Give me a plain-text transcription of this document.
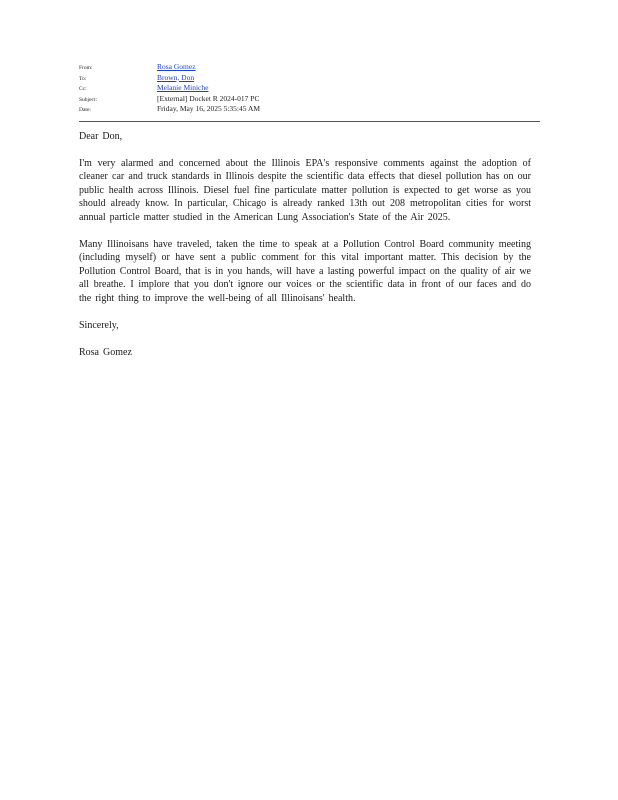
From:	Rosa Gomez
To:	Brown, Don
Cc:	Melanie Miniche
Subject:	[External] Docket R 2024-017 PC
Date:	Friday, May 16, 2025 5:35:45 AM

Dear Don,

I'm very alarmed and concerned about the Illinois EPA's responsive comments against the adoption of cleaner car and truck standards in Illinois despite the scientific data effects that diesel pollution has on our public health across Illinois. Diesel fuel fine particulate matter pollution is expected to get worse as you should already know. In particular, Chicago is already ranked 13th out 208 metropolitan cities for worst annual particle matter studied in the American Lung Association's State of the Air 2025.

Many Illinoisans have traveled, taken the time to speak at a Pollution Control Board community meeting (including myself) or have sent a public comment for this vital important matter. This decision by the Pollution Control Board, that is in you hands, will have a lasting powerful impact on the quality of air we all breathe. I implore that you don't ignore our voices or the scientific data in front of our faces and do the right thing to improve the well-being of all Illinoisans' health.

Sincerely,

Rosa Gomez
